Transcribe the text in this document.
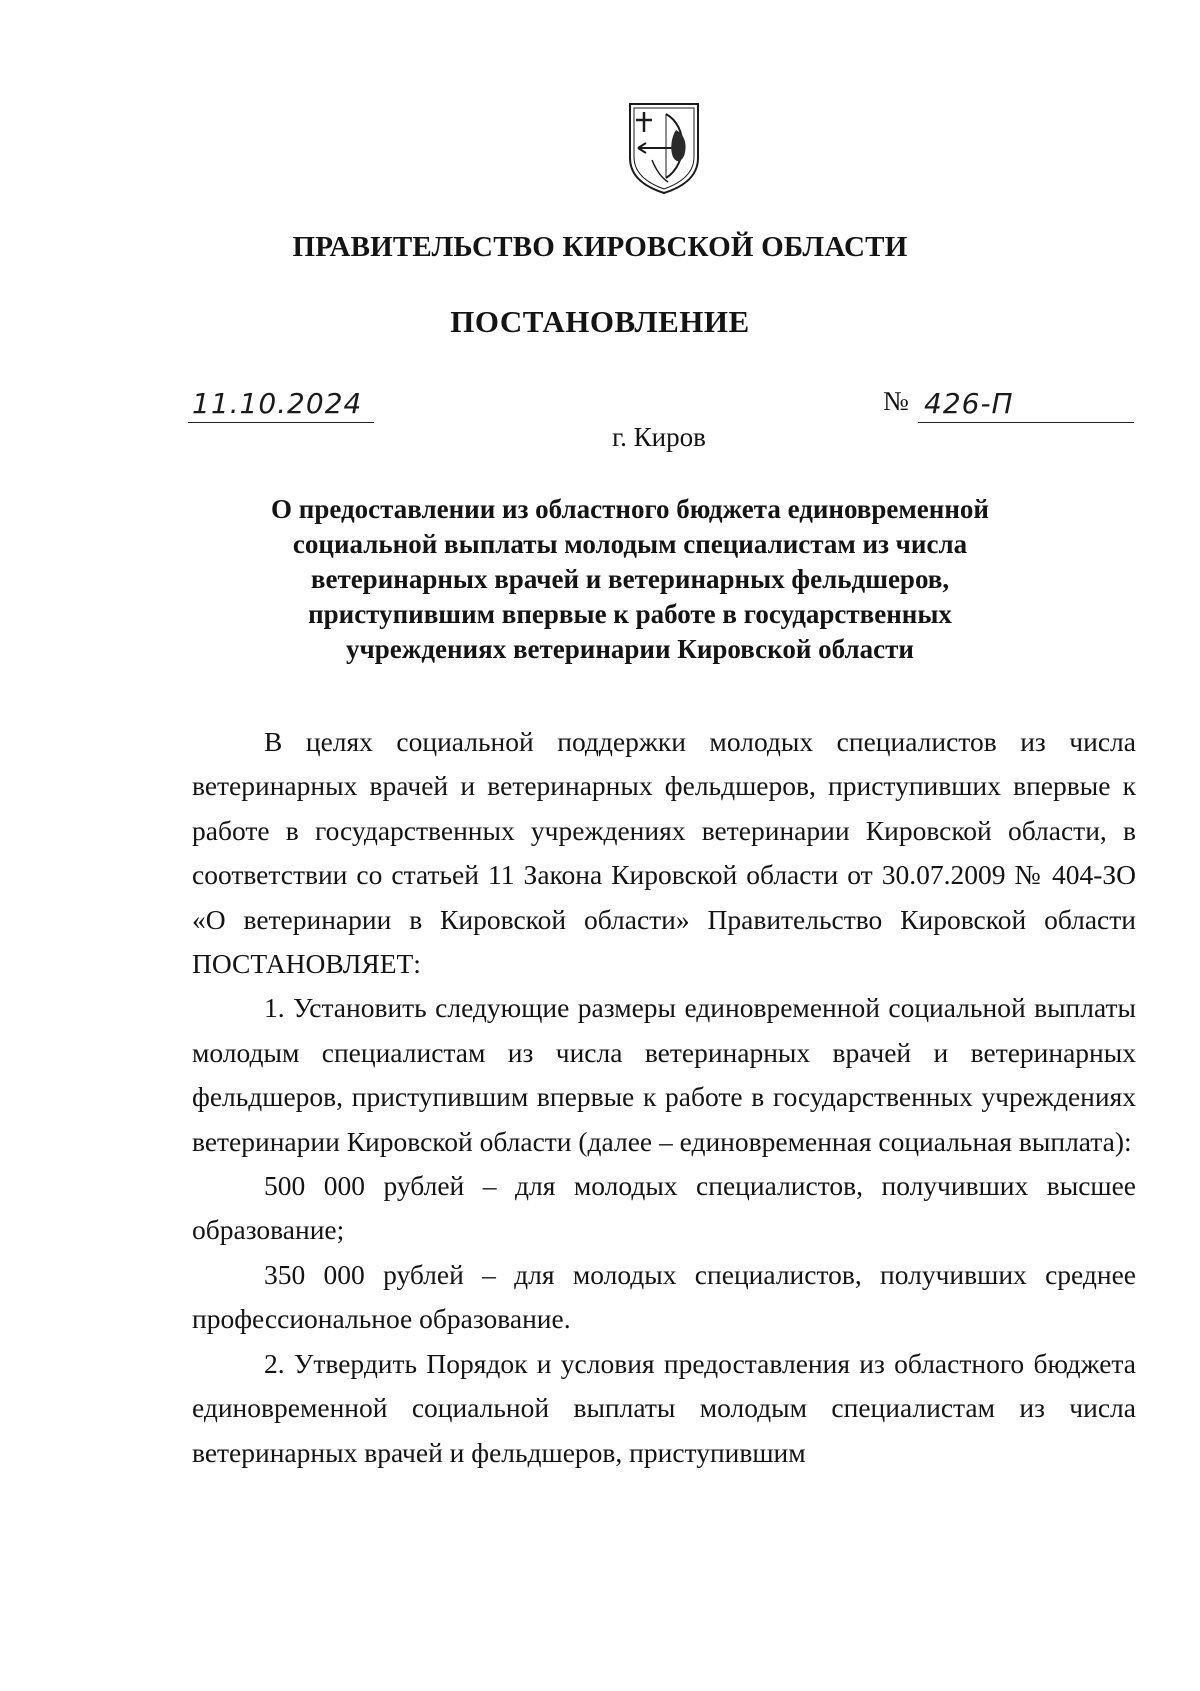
ПРАВИТЕЛЬСТВО КИРОВСКОЙ ОБЛАСТИ
ПОСТАНОВЛЕНИЕ
11.10.2024	№ 426-П
г. Киров
О предоставлении из областного бюджета единовременной социальной выплаты молодым специалистам из числа ветеринарных врачей и ветеринарных фельдшеров, приступившим впервые к работе в государственных учреждениях ветеринарии Кировской области

В целях социальной поддержки молодых специалистов из числа ветеринарных врачей и ветеринарных фельдшеров, приступивших впервые к работе в государственных учреждениях ветеринарии Кировской области, в соответствии со статьей 11 Закона Кировской области от 30.07.2009 № 404-ЗО «О ветеринарии в Кировской области» Правительство Кировской области ПОСТАНОВЛЯЕТ:

1. Установить следующие размеры единовременной социальной выплаты молодым специалистам из числа ветеринарных врачей и ветеринарных фельдшеров, приступившим впервые к работе в государственных учреждениях ветеринарии Кировской области (далее – единовременная социальная выплата):

500 000 рублей – для молодых специалистов, получивших высшее образование;

350 000 рублей – для молодых специалистов, получивших среднее профессиональное образование.

2. Утвердить Порядок и условия предоставления из областного бюджета единовременной социальной выплаты молодым специалистам из числа ветеринарных врачей и фельдшеров, приступившим
